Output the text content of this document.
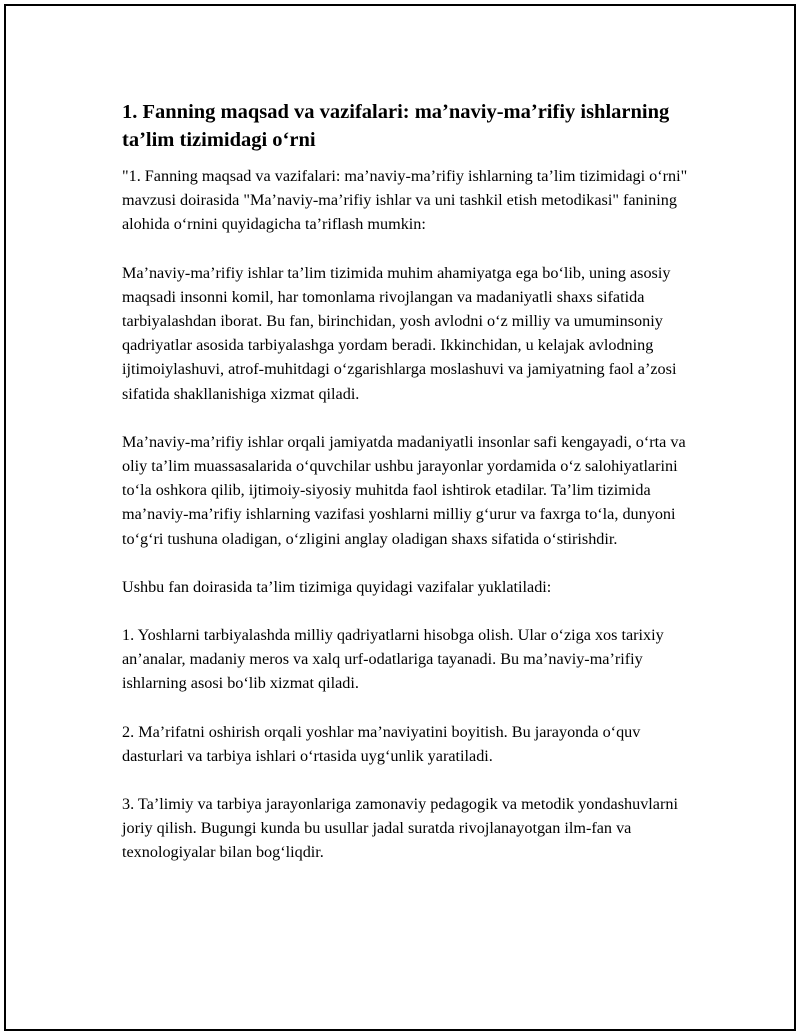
1. Fanning maqsad va vazifalari: maʼnaviy-maʼrifiy ishlarning taʼlim tizimidagi oʻrni

"1. Fanning maqsad va vazifalari: maʼnaviy-maʼrifiy ishlarning taʼlim tizimidagi oʻrni" mavzusi doirasida "Maʼnaviy-maʼrifiy ishlar va uni tashkil etish metodikasi" fanining alohida oʻrnini quyidagicha taʼriflash mumkin:

Maʼnaviy-maʼrifiy ishlar taʼlim tizimida muhim ahamiyatga ega boʻlib, uning asosiy maqsadi insonni komil, har tomonlama rivojlangan va madaniyatli shaxs sifatida tarbiyalashdan iborat. Bu fan, birinchidan, yosh avlodni oʻz milliy va umuminsoniy qadriyatlar asosida tarbiyalashga yordam beradi. Ikkinchidan, u kelajak avlodning ijtimoiylashuvi, atrof-muhitdagi oʻzgarishlarga moslashuvi va jamiyatning faol aʼzosi sifatida shakllanishiga xizmat qiladi.

Maʼnaviy-maʼrifiy ishlar orqali jamiyatda madaniyatli insonlar safi kengayadi, oʻrta va oliy taʼlim muassasalarida oʻquvchilar ushbu jarayonlar yordamida oʻz salohiyatlarini toʻla oshkora qilib, ijtimoiy-siyosiy muhitda faol ishtirok etadilar. Taʼlim tizimida maʼnaviy-maʼrifiy ishlarning vazifasi yoshlarni milliy gʻurur va faxrga toʻla, dunyoni toʻgʻri tushuna oladigan, oʻzligini anglay oladigan shaxs sifatida oʻstirishdir.

Ushbu fan doirasida taʼlim tizimiga quyidagi vazifalar yuklatiladi:

1. Yoshlarni tarbiyalashda milliy qadriyatlarni hisobga olish. Ular oʻziga xos tarixiy anʼanalar, madaniy meros va xalq urf-odatlariga tayanadi. Bu maʼnaviy-maʼrifiy ishlarning asosi boʻlib xizmat qiladi.

2. Maʼrifatni oshirish orqali yoshlar maʼnaviyatini boyitish. Bu jarayonda oʻquv dasturlari va tarbiya ishlari oʻrtasida uygʻunlik yaratiladi.

3. Taʼlimiy va tarbiya jarayonlariga zamonaviy pedagogik va metodik yondashuvlarni joriy qilish. Bugungi kunda bu usullar jadal suratda rivojlanayotgan ilm-fan va texnologiyalar bilan bogʻliqdir.
